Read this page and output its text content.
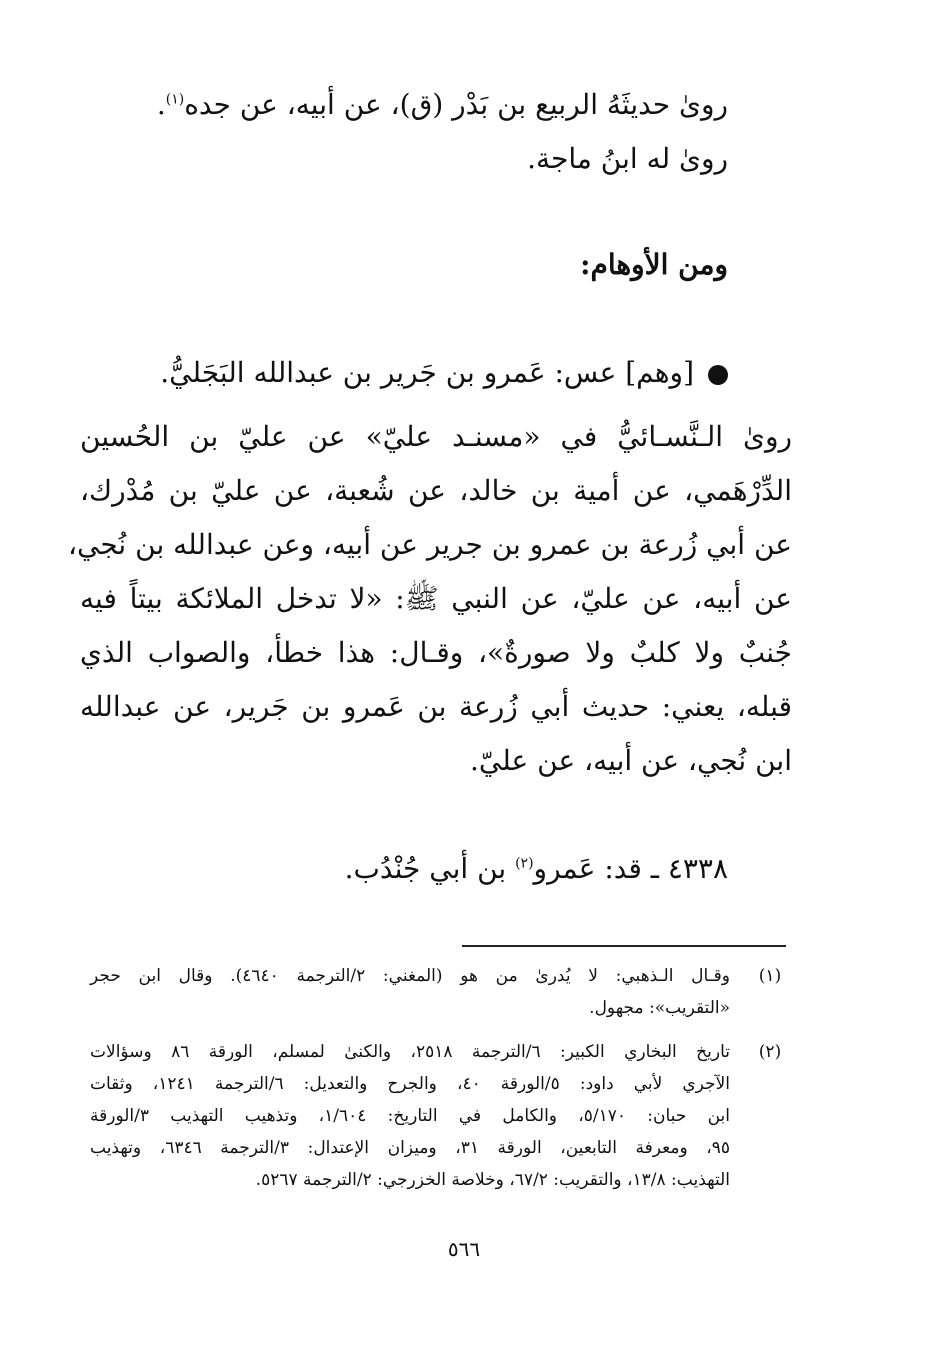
روىٰ حديثَهُ الربيع بن بَدْر (ق)، عن أبيه، عن جده$^{(١)}$.
روىٰ له ابنُ ماجة.
ومن الأوهام:
[وهم] عس: عَمرو بن جَرير بن عبدالله البَجَليُّ.
روىٰ الـنَّسـائيُّ في «مسنـد عليّ» عن عليّ بن الحُسين
الدِّرْهَمي، عن أمية بن خالد، عن شُعبة، عن عليّ بن مُدْرك،
عن أبي زُرعة بن عمرو بن جرير عن أبيه، وعن عبدالله بن نُجي،
عن أبيه، عن عليّ، عن النبي ﷺ: «لا تدخل الملائكة بيتاً فيه
جُنبٌ ولا كلبٌ ولا صورةٌ»، وقـال: هذا خطأ، والصواب الذي
قبله، يعني: حديث أبي زُرعة بن عَمرو بن جَرير، عن عبدالله
ابن نُجي، عن أبيه، عن عليّ.
٤٣٣٨ ـ قد: عَمرو$^{(٢)}$ بن أبي جُنْدُب.
(١)
وقـال الـذهبي: لا يُدرىٰ من هو (المغني: ٢/الترجمة ٤٦٤٠). وقال ابن حجر
«التقريب»: مجهول.
(٢)
تاريخ البخاري الكبير: ٦/الترجمة ٢٥١٨، والكنىٰ لمسلم، الورقة ٨٦ وسؤالات
الآجري لأبي داود: ٥/الورقة ٤٠، والجرح والتعديل: ٦/الترجمة ١٢٤١، وثقات
ابن حبان: ٥/١٧٠، والكامل في التاريخ: ١/٦٠٤، وتذهيب التهذيب ٣/الورقة
٩٥، ومعرفة التابعين، الورقة ٣١، وميزان الإعتدال: ٣/الترجمة ٦٣٤٦، وتهذيب
التهذيب: ١٣/٨، والتقريب: ٦٧/٢، وخلاصة الخزرجي: ٢/الترجمة ٥٢٦٧.
٥٦٦
